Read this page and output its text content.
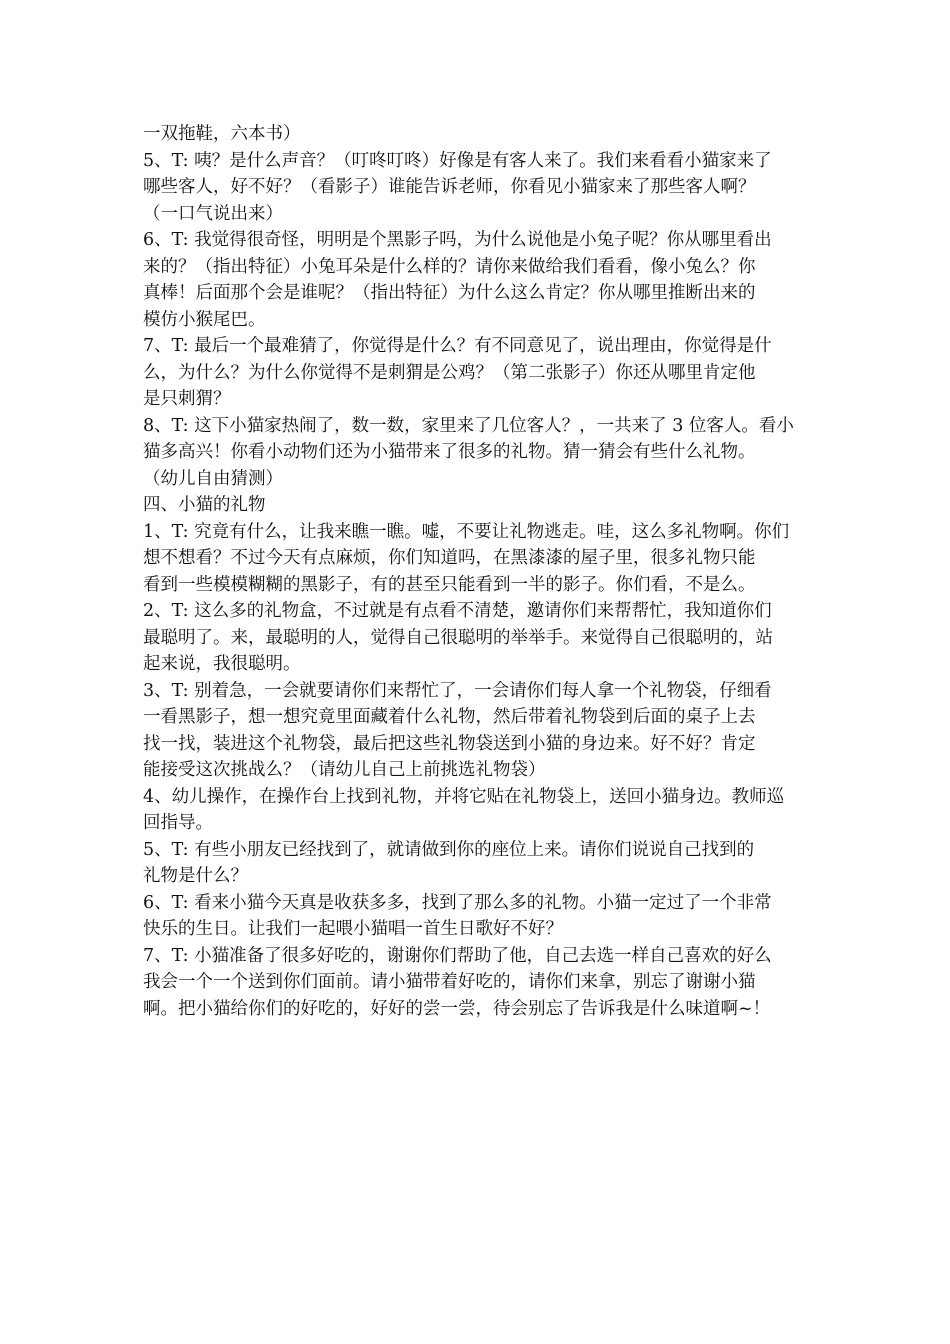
一双拖鞋，六本书）
5、T: 咦？是什么声音？（叮咚叮咚）好像是有客人来了。我们来看看小猫家来了
哪些客人，好不好？（看影子）谁能告诉老师，你看见小猫家来了那些客人啊？
（一口气说出来）
6、T: 我觉得很奇怪，明明是个黑影子吗，为什么说他是小兔子呢？你从哪里看出
来的？（指出特征）小兔耳朵是什么样的？请你来做给我们看看，像小兔么？你
真棒！后面那个会是谁呢？（指出特征）为什么这么肯定？你从哪里推断出来的
模仿小猴尾巴。
7、T: 最后一个最难猜了，你觉得是什么？有不同意见了，说出理由，你觉得是什
么，为什么？为什么你觉得不是刺猬是公鸡？（第二张影子）你还从哪里肯定他
是只刺猬？
8、T: 这下小猫家热闹了，数一数，家里来了几位客人？，一共来了 3 位客人。看小
猫多高兴！你看小动物们还为小猫带来了很多的礼物。猜一猜会有些什么礼物。
（幼儿自由猜测）
四、小猫的礼物
1、T: 究竟有什么，让我来瞧一瞧。嘘，不要让礼物逃走。哇，这么多礼物啊。你们
想不想看？不过今天有点麻烦，你们知道吗，在黑漆漆的屋子里，很多礼物只能
看到一些模模糊糊的黑影子，有的甚至只能看到一半的影子。你们看，不是么。
2、T: 这么多的礼物盒，不过就是有点看不清楚，邀请你们来帮帮忙，我知道你们
最聪明了。来，最聪明的人，觉得自己很聪明的举举手。来觉得自己很聪明的，站
起来说，我很聪明。
3、T: 别着急，一会就要请你们来帮忙了，一会请你们每人拿一个礼物袋，仔细看
一看黑影子，想一想究竟里面藏着什么礼物，然后带着礼物袋到后面的桌子上去
找一找，装进这个礼物袋，最后把这些礼物袋送到小猫的身边来。好不好？肯定
能接受这次挑战么？（请幼儿自己上前挑选礼物袋）
4、幼儿操作，在操作台上找到礼物，并将它贴在礼物袋上，送回小猫身边。教师巡
回指导。
5、T: 有些小朋友已经找到了，就请做到你的座位上来。请你们说说自己找到的
礼物是什么？
6、T: 看来小猫今天真是收获多多，找到了那么多的礼物。小猫一定过了一个非常
快乐的生日。让我们一起喂小猫唱一首生日歌好不好？
7、T: 小猫准备了很多好吃的，谢谢你们帮助了他，自己去选一样自己喜欢的好么
我会一个一个送到你们面前。请小猫带着好吃的，请你们来拿，别忘了谢谢小猫
啊。把小猫给你们的好吃的，好好的尝一尝，待会别忘了告诉我是什么味道啊~！
